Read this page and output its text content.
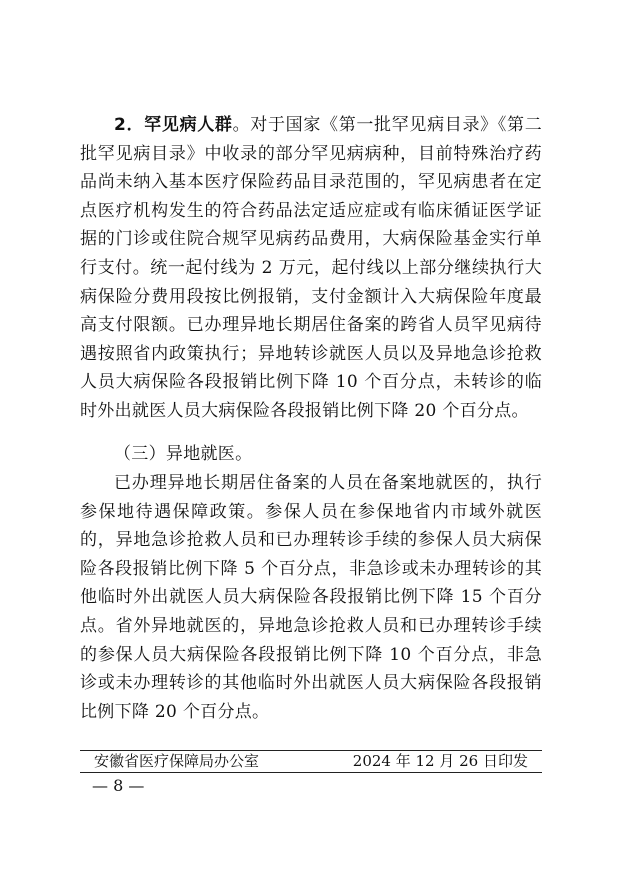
2．罕见病人群。对于国家《第一批罕见病目录》《第二批罕见病目录》中收录的部分罕见病病种，目前特殊治疗药品尚未纳入基本医疗保险药品目录范围的，罕见病患者在定点医疗机构发生的符合药品法定适应症或有临床循证医学证据的门诊或住院合规罕见病药品费用，大病保险基金实行单行支付。统一起付线为 2 万元，起付线以上部分继续执行大病保险分费用段按比例报销，支付金额计入大病保险年度最高支付限额。已办理异地长期居住备案的跨省人员罕见病待遇按照省内政策执行；异地转诊就医人员以及异地急诊抢救人员大病保险各段报销比例下降 10 个百分点，未转诊的临时外出就医人员大病保险各段报销比例下降 20 个百分点。

（三）异地就医。

已办理异地长期居住备案的人员在备案地就医的，执行参保地待遇保障政策。参保人员在参保地省内市域外就医的，异地急诊抢救人员和已办理转诊手续的参保人员大病保险各段报销比例下降 5 个百分点，非急诊或未办理转诊的其他临时外出就医人员大病保险各段报销比例下降 15 个百分点。省外异地就医的，异地急诊抢救人员和已办理转诊手续的参保人员大病保险各段报销比例下降 10 个百分点，非急诊或未办理转诊的其他临时外出就医人员大病保险各段报销比例下降 20 个百分点。

安徽省医疗保障局办公室	2024 年 12 月 26 日印发
— 8 —
